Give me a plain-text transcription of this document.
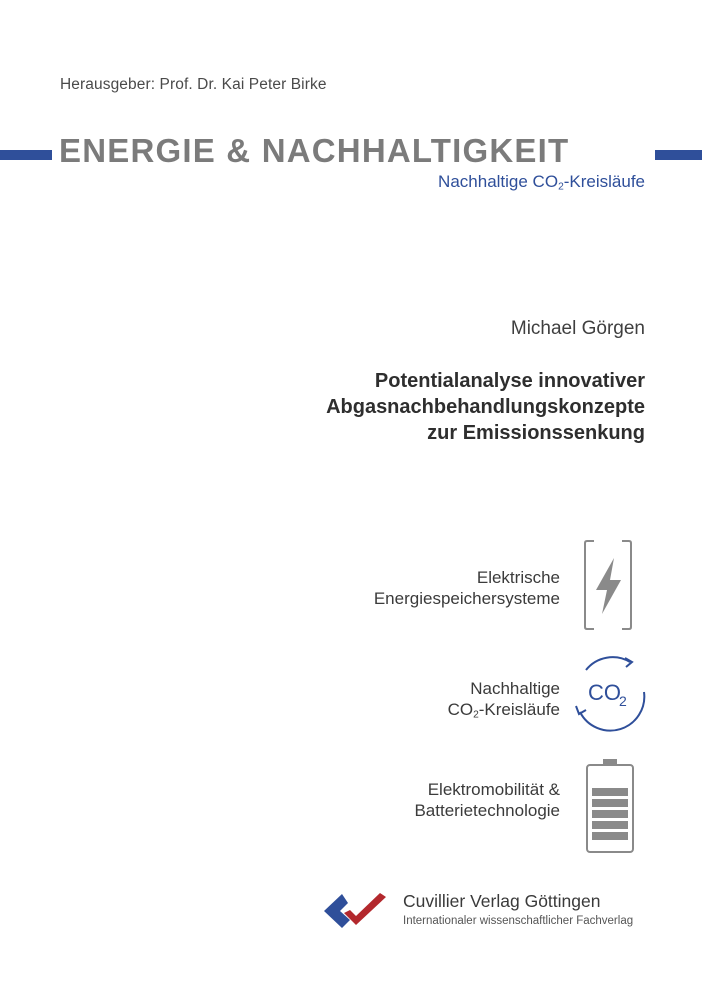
Herausgeber: Prof. Dr. Kai Peter Birke
ENERGIE & NACHHALTIGKEIT
Nachhaltige $CO_2$-Kreisläufe
Michael Görgen
Potentialanalyse innovativer
Abgasnachbehandlungskonzepte
zur Emissionssenkung
Elektrische
Energiespeichersysteme
Nachhaltige
$CO_2$-Kreisläufe
CO
2
Elektromobilität &
Batterietechnologie
Cuvillier Verlag Göttingen
Internationaler wissenschaftlicher Fachverlag
